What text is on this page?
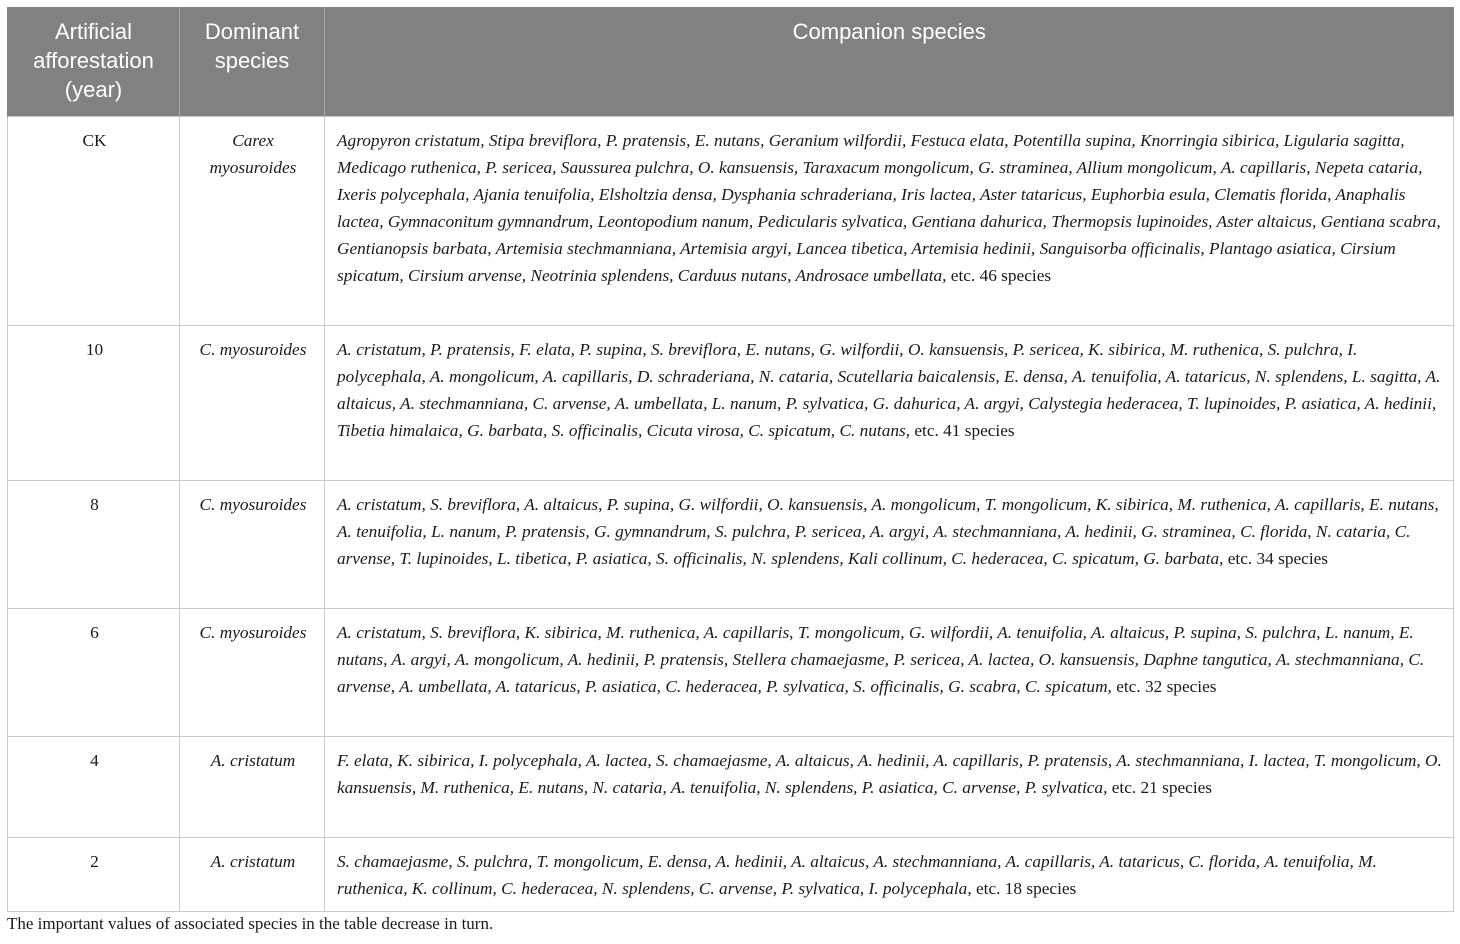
Artificial afforestation (year)	Dominant species	Companion species
CK	Carex myosuroides	Agropyron cristatum, Stipa breviflora, P. pratensis, E. nutans, Geranium wilfordii, Festuca elata, Potentilla supina, Knorringia sibirica, Ligularia sagitta, Medicago ruthenica, P. sericea, Saussurea pulchra, O. kansuensis, Taraxacum mongolicum, G. straminea, Allium mongolicum, A. capillaris, Nepeta cataria, Ixeris polycephala, Ajania tenuifolia, Elsholtzia densa, Dysphania schraderiana, Iris lactea, Aster tataricus, Euphorbia esula, Clematis florida, Anaphalis lactea, Gymnaconitum gymnandrum, Leontopodium nanum, Pedicularis sylvatica, Gentiana dahurica, Thermopsis lupinoides, Aster altaicus, Gentiana scabra, Gentianopsis barbata, Artemisia stechmanniana, Artemisia argyi, Lancea tibetica, Artemisia hedinii, Sanguisorba officinalis, Plantago asiatica, Cirsium spicatum, Cirsium arvense, Neotrinia splendens, Carduus nutans, Androsace umbellata, etc. 46 species
10	C. myosuroides	A. cristatum, P. pratensis, F. elata, P. supina, S. breviflora, E. nutans, G. wilfordii, O. kansuensis, P. sericea, K. sibirica, M. ruthenica, S. pulchra, I. polycephala, A. mongolicum, A. capillaris, D. schraderiana, N. cataria, Scutellaria baicalensis, E. densa, A. tenuifolia, A. tataricus, N. splendens, L. sagitta, A. altaicus, A. stechmanniana, C. arvense, A. umbellata, L. nanum, P. sylvatica, G. dahurica, A. argyi, Calystegia hederacea, T. lupinoides, P. asiatica, A. hedinii, Tibetia himalaica, G. barbata, S. officinalis, Cicuta virosa, C. spicatum, C. nutans, etc. 41 species
8	C. myosuroides	A. cristatum, S. breviflora, A. altaicus, P. supina, G. wilfordii, O. kansuensis, A. mongolicum, T. mongolicum, K. sibirica, M. ruthenica, A. capillaris, E. nutans, A. tenuifolia, L. nanum, P. pratensis, G. gymnandrum, S. pulchra, P. sericea, A. argyi, A. stechmanniana, A. hedinii, G. straminea, C. florida, N. cataria, C. arvense, T. lupinoides, L. tibetica, P. asiatica, S. officinalis, N. splendens, Kali collinum, C. hederacea, C. spicatum, G. barbata, etc. 34 species
6	C. myosuroides	A. cristatum, S. breviflora, K. sibirica, M. ruthenica, A. capillaris, T. mongolicum, G. wilfordii, A. tenuifolia, A. altaicus, P. supina, S. pulchra, L. nanum, E. nutans, A. argyi, A. mongolicum, A. hedinii, P. pratensis, Stellera chamaejasme, P. sericea, A. lactea, O. kansuensis, Daphne tangutica, A. stechmanniana, C. arvense, A. umbellata, A. tataricus, P. asiatica, C. hederacea, P. sylvatica, S. officinalis, G. scabra, C. spicatum, etc. 32 species
4	A. cristatum	F. elata, K. sibirica, I. polycephala, A. lactea, S. chamaejasme, A. altaicus, A. hedinii, A. capillaris, P. pratensis, A. stechmanniana, I. lactea, T. mongolicum, O. kansuensis, M. ruthenica, E. nutans, N. cataria, A. tenuifolia, N. splendens, P. asiatica, C. arvense, P. sylvatica, etc. 21 species
2	A. cristatum	S. chamaejasme, S. pulchra, T. mongolicum, E. densa, A. hedinii, A. altaicus, A. stechmanniana, A. capillaris, A. tataricus, C. florida, A. tenuifolia, M. ruthenica, K. collinum, C. hederacea, N. splendens, C. arvense, P. sylvatica, I. polycephala, etc. 18 species
The important values of associated species in the table decrease in turn.
